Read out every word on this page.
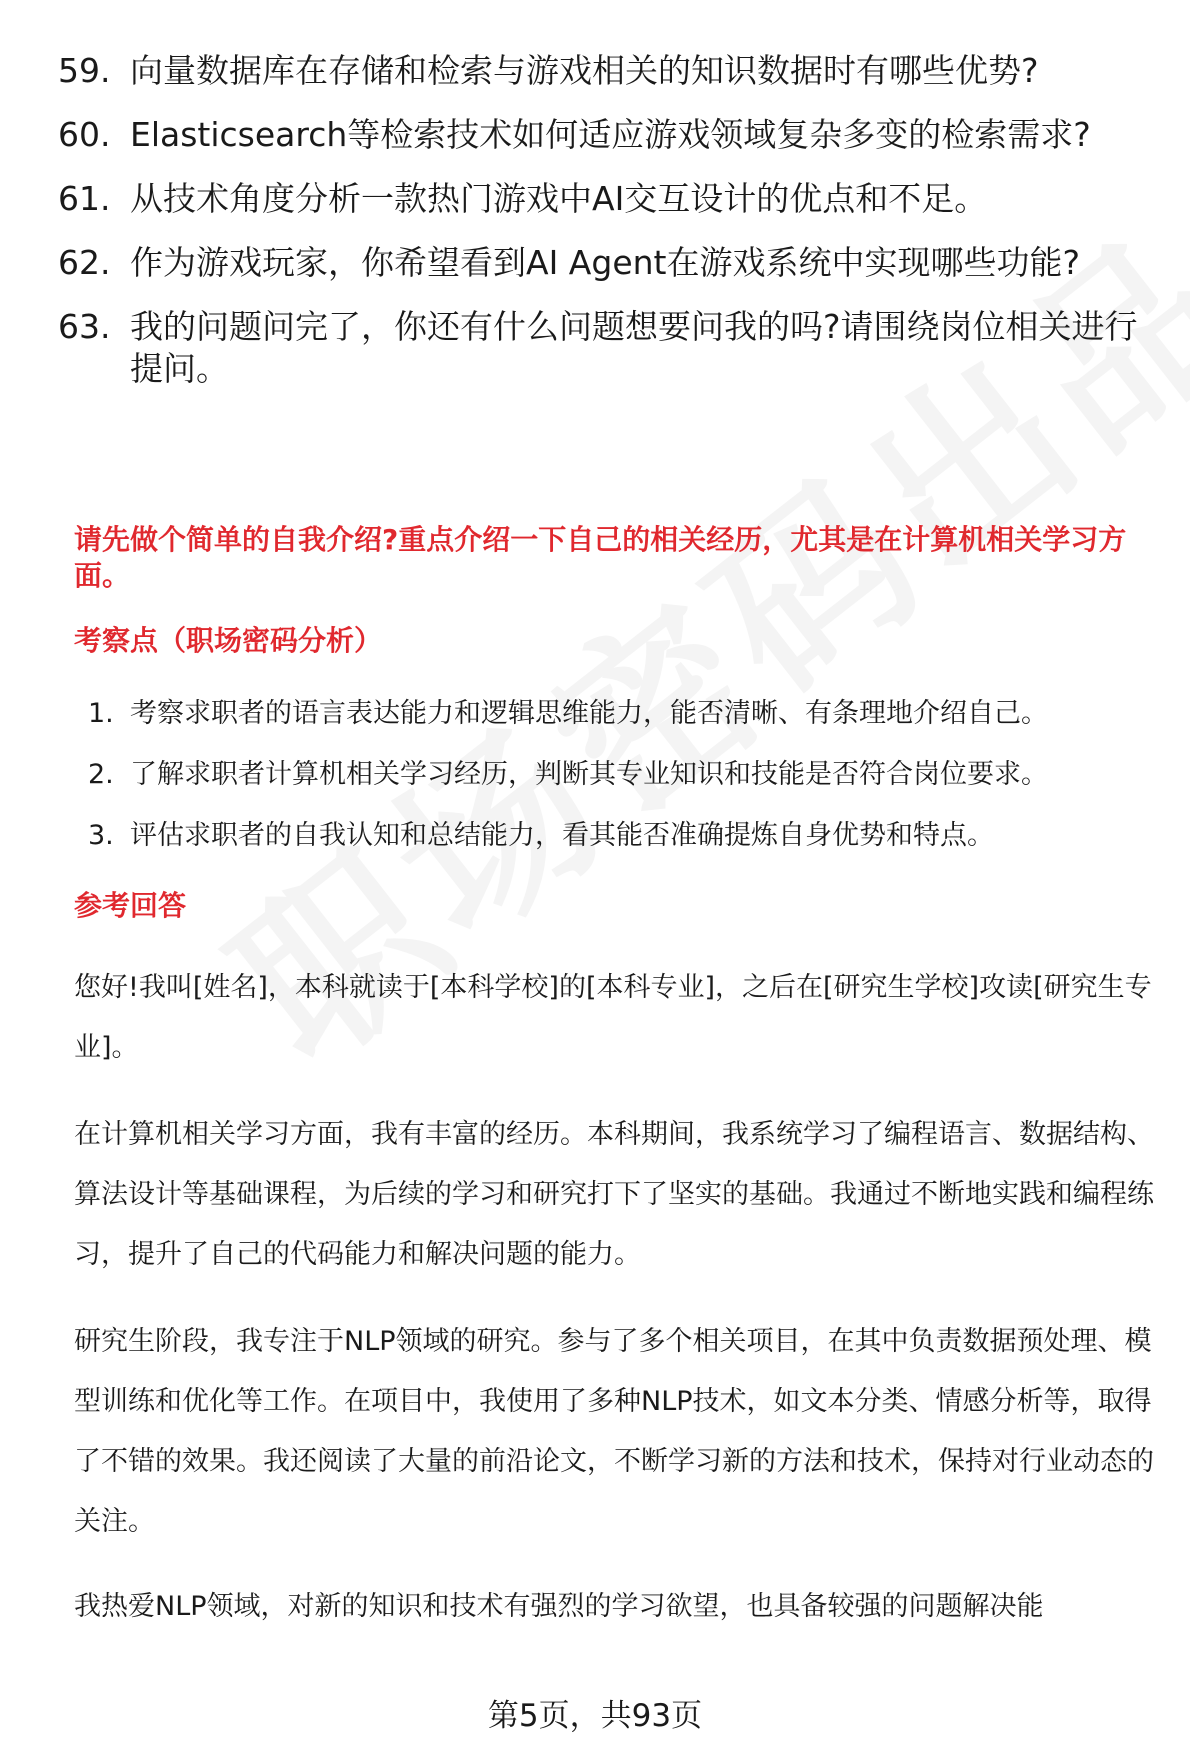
59. 向量数据库在存储和检索与游戏相关的知识数据时有哪些优势?
60. Elasticsearch等检索技术如何适应游戏领域复杂多变的检索需求?
61. 从技术角度分析一款热门游戏中AI交互设计的优点和不足。
62. 作为游戏玩家，你希望看到AI Agent在游戏系统中实现哪些功能?
63. 我的问题问完了，你还有什么问题想要问我的吗?请围绕岗位相关进行提问。
请先做个简单的自我介绍?重点介绍一下自己的相关经历，尤其是在计算机相关学习方面。
考察点（职场密码分析）
1. 考察求职者的语言表达能力和逻辑思维能力，能否清晰、有条理地介绍自己。
2. 了解求职者计算机相关学习经历，判断其专业知识和技能是否符合岗位要求。
3. 评估求职者的自我认知和总结能力，看其能否准确提炼自身优势和特点。
参考回答
您好!我叫[姓名]，本科就读于[本科学校]的[本科专业]，之后在[研究生学校]攻读[研究生专业]。
在计算机相关学习方面，我有丰富的经历。本科期间，我系统学习了编程语言、数据结构、算法设计等基础课程，为后续的学习和研究打下了坚实的基础。我通过不断地实践和编程练习，提升了自己的代码能力和解决问题的能力。
研究生阶段，我专注于NLP领域的研究。参与了多个相关项目，在其中负责数据预处理、模型训练和优化等工作。在项目中，我使用了多种NLP技术，如文本分类、情感分析等，取得了不错的效果。我还阅读了大量的前沿论文，不断学习新的方法和技术，保持对行业动态的关注。
我热爱NLP领域，对新的知识和技术有强烈的学习欲望，也具备较强的问题解决能
第5页，共93页
